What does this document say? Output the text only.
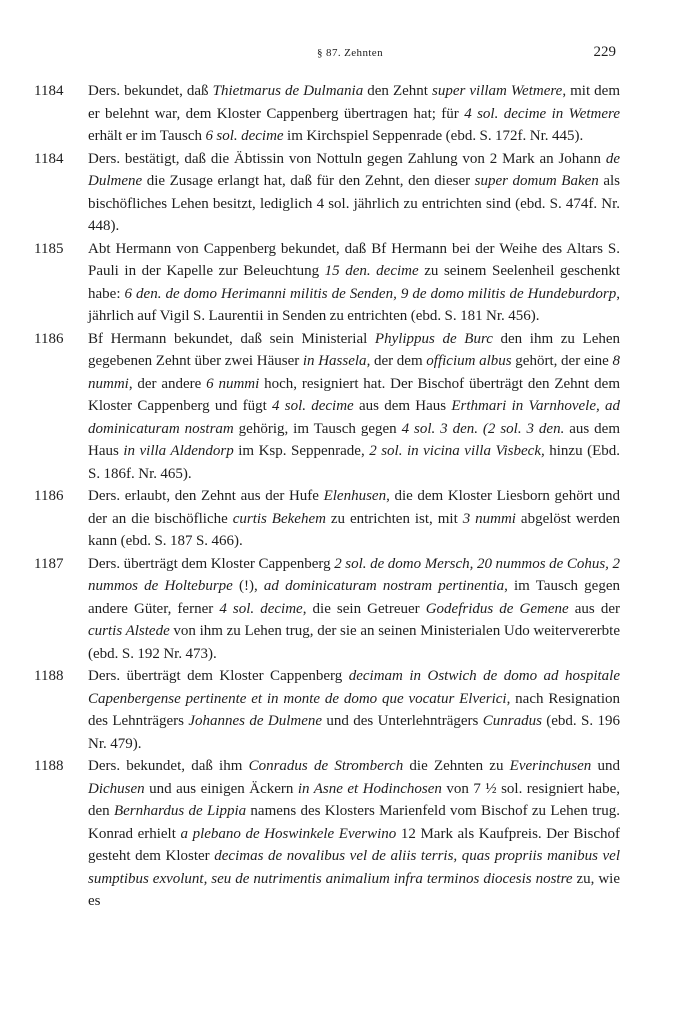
§ 87. Zehnten	229
1184	Ders. bekundet, daß Thietmarus de Dulmania den Zehnt super villam Wetmere, mit dem er belehnt war, dem Kloster Cappenberg übertragen hat; für 4 sol. decime in Wetmere erhält er im Tausch 6 sol. decime im Kirchspiel Seppenrade (ebd. S. 172f. Nr. 445).
1184	Ders. bestätigt, daß die Äbtissin von Nottuln gegen Zahlung von 2 Mark an Johann de Dulmene die Zusage erlangt hat, daß für den Zehnt, den dieser super domum Baken als bischöfliches Lehen besitzt, lediglich 4 sol. jährlich zu entrichten sind (ebd. S. 474f. Nr. 448).
1185	Abt Hermann von Cappenberg bekundet, daß Bf Hermann bei der Weihe des Altars S. Pauli in der Kapelle zur Beleuchtung 15 den. decime zu seinem Seelenheil geschenkt habe: 6 den. de domo Herimanni militis de Senden, 9 de domo militis de Hundeburdorp, jährlich auf Vigil S. Laurentii in Senden zu entrichten (ebd. S. 181 Nr. 456).
1186	Bf Hermann bekundet, daß sein Ministerial Phylippus de Burc den ihm zu Lehen gegebenen Zehnt über zwei Häuser in Hassela, der dem officium albus gehört, der eine 8 nummi, der andere 6 nummi hoch, resigniert hat. Der Bischof überträgt den Zehnt dem Kloster Cappenberg und fügt 4 sol. decime aus dem Haus Erthmari in Varnhovele, ad dominicaturam nostram gehörig, im Tausch gegen 4 sol. 3 den. (2 sol. 3 den. aus dem Haus in villa Aldendorp im Ksp. Seppenrade, 2 sol. in vicina villa Visbeck, hinzu (Ebd. S. 186f. Nr. 465).
1186	Ders. erlaubt, den Zehnt aus der Hufe Elenhusen, die dem Kloster Liesborn gehört und der an die bischöfliche curtis Bekehem zu entrichten ist, mit 3 nummi abgelöst werden kann (ebd. S. 187 S. 466).
1187	Ders. überträgt dem Kloster Cappenberg 2 sol. de domo Mersch, 20 nummos de Cohus, 2 nummos de Holteburpe (!), ad dominicaturam nostram pertinentia, im Tausch gegen andere Güter, ferner 4 sol. decime, die sein Getreuer Godefridus de Gemene aus der curtis Alstede von ihm zu Lehen trug, der sie an seinen Ministerialen Udo weitervererbte (ebd. S. 192 Nr. 473).
1188	Ders. überträgt dem Kloster Cappenberg decimam in Ostwich de domo ad hospitale Capenbergense pertinente et in monte de domo que vocatur Elverici, nach Resignation des Lehnträgers Johannes de Dulmene und des Unterlehnträgers Cunradus (ebd. S. 196 Nr. 479).
1188	Ders. bekundet, daß ihm Conradus de Stromberch die Zehnten zu Everinchusen und Dichusen und aus einigen Äckern in Asne et Hodinchosen von 7 ½ sol. resigniert habe, den Bernhardus de Lippia namens des Klosters Marienfeld vom Bischof zu Lehen trug. Konrad erhielt a plebano de Hoswinkele Everwino 12 Mark als Kaufpreis. Der Bischof gesteht dem Kloster decimas de novalibus vel de aliis terris, quas propriis manibus vel sumptibus exvolunt, seu de nutrimentis animalium infra terminos diocesis nostre zu, wie es
